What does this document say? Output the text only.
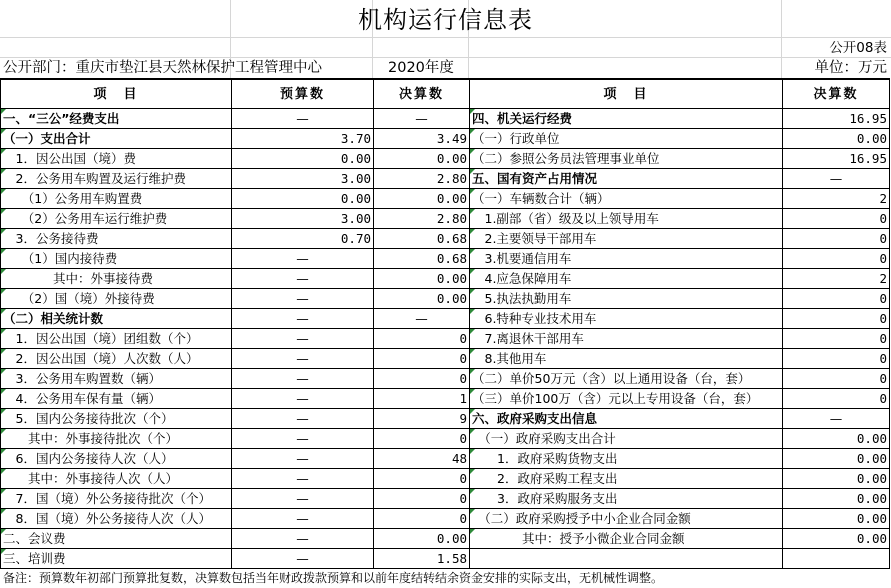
机构运行信息表
公开08表
公开部门：重庆市垫江县天然林保护工程管理中心	2020年度	单位：万元
项　目	预算数	决算数	项　目	决算数
一、“三公”经费支出	—	—	四、机关运行经费	16.95
（一）支出合计	3.70	3.49	（一）行政单位	0.00
　1．因公出国（境）费	0.00	0.00	（二）参照公务员法管理事业单位	16.95
　2．公务用车购置及运行维护费	3.00	2.80	五、国有资产占用情况	—
　　（1）公务用车购置费	0.00	0.00	（一）车辆数合计（辆）	2
　　（2）公务用车运行维护费	3.00	2.80	　1.副部（省）级及以上领导用车	0
　3．公务接待费	0.70	0.68	　2.主要领导干部用车	0
　　（1）国内接待费	—	0.68	　3.机要通信用车	0
　　　　其中：外事接待费	—	0.00	　4.应急保障用车	2
　　（2）国（境）外接待费	—	0.00	　5.执法执勤用车	0
（二）相关统计数	—	—	　6.特种专业技术用车	0
　1．因公出国（境）团组数（个）	—	0	　7.离退休干部用车	0
　2．因公出国（境）人次数（人）	—	0	　8.其他用车	0
　3．公务用车购置数（辆）	—	0	（二）单价50万元（含）以上通用设备（台，套）	0
　4．公务用车保有量（辆）	—	1	（三）单价100万（含）元以上专用设备（台，套）	0
　5．国内公务接待批次（个）	—	9	六、政府采购支出信息	—
　　其中：外事接待批次（个）	—	0	　（一）政府采购支出合计	0.00
　6．国内公务接待人次（人）	—	48	　　1．政府采购货物支出	0.00
　　其中：外事接待人次（人）	—	0	　　2．政府采购工程支出	0.00
　7．国（境）外公务接待批次（个）	—	0	　　3．政府采购服务支出	0.00
　8．国（境）外公务接待人次（人）	—	0	　（二）政府采购授予中小企业合同金额	0.00
二、会议费	—	0.00	　　　　其中：授予小微企业合同金额	0.00
三、培训费	—	1.58		
备注：预算数年初部门预算批复数，决算数包括当年财政拨款预算和以前年度结转结余资金安排的实际支出，无机械性调整。
